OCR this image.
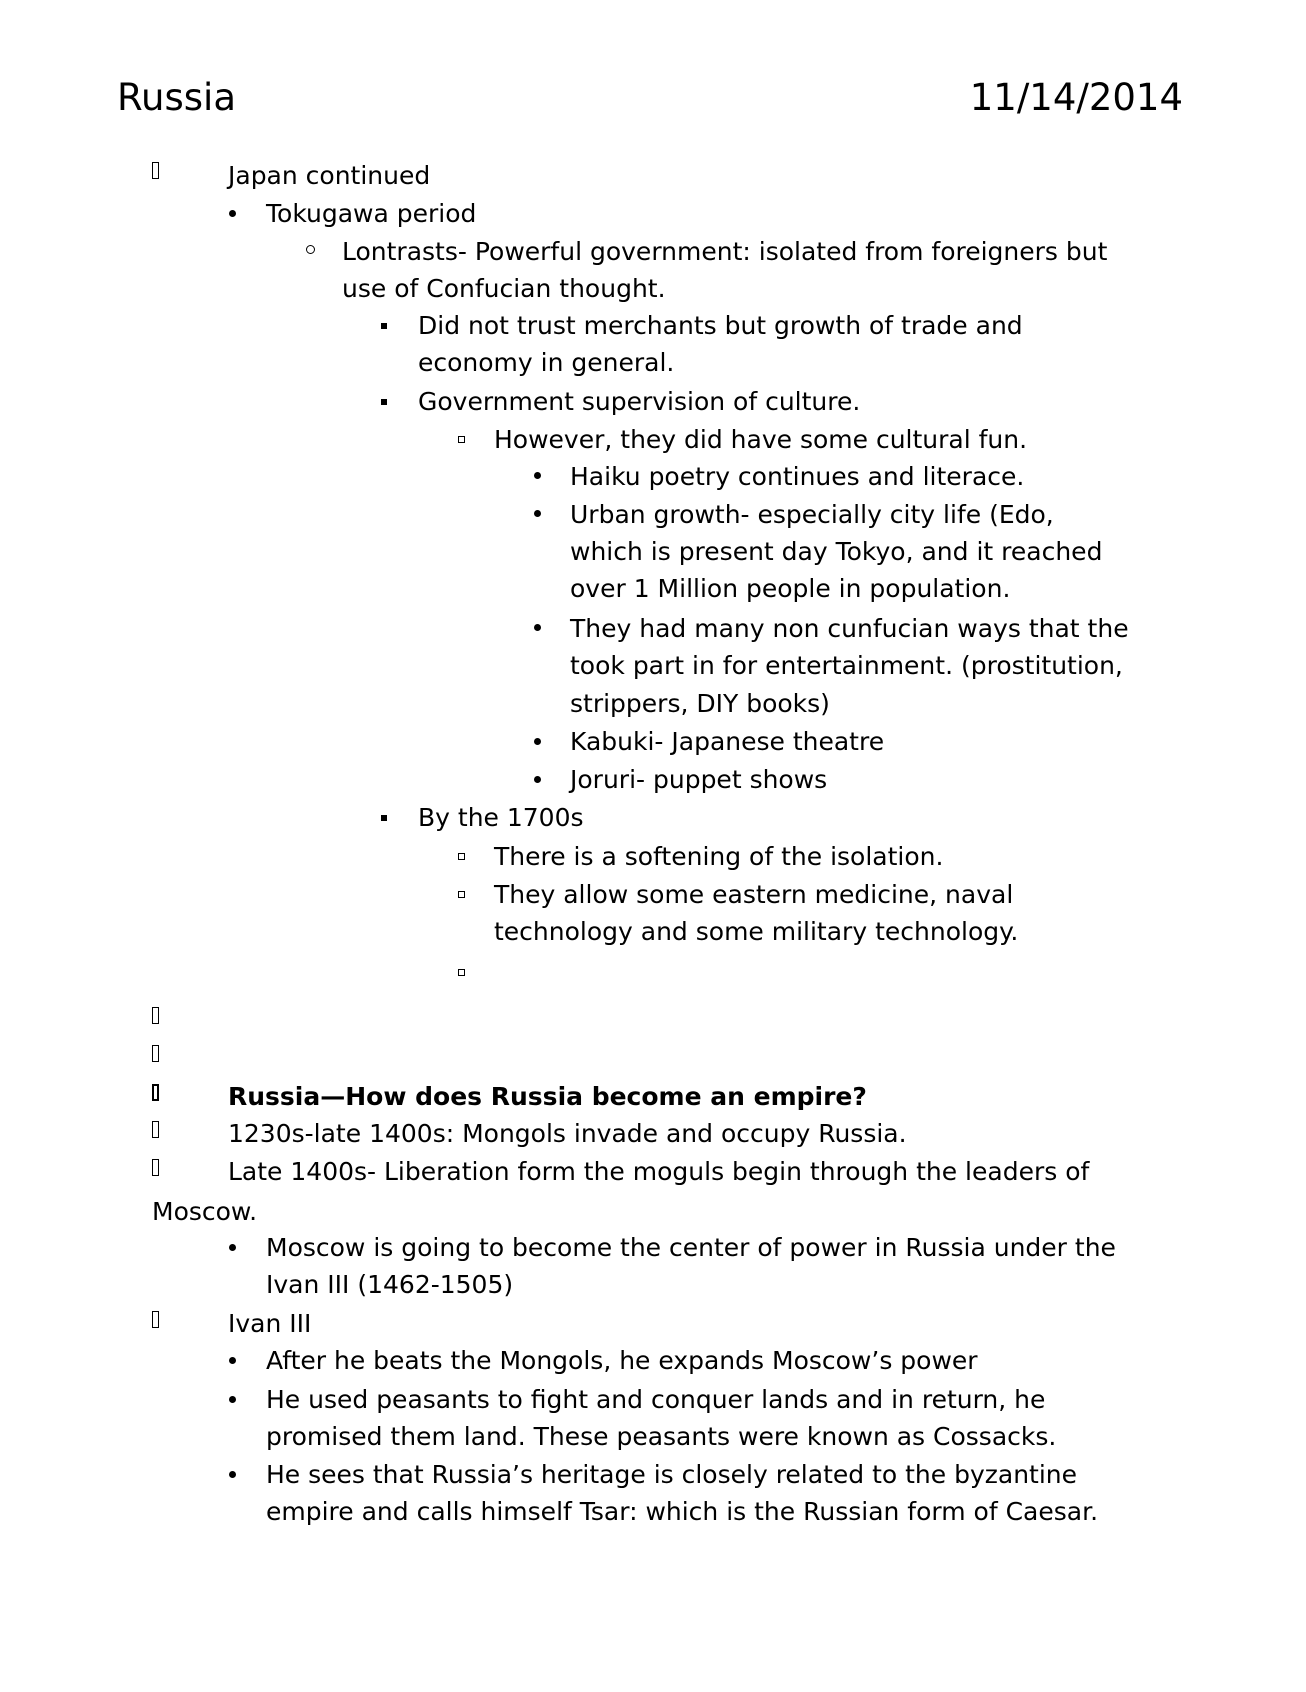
Russia	11/14/2014
Japan continued
Tokugawa period
Lontrasts- Powerful government: isolated from foreigners but
use of Confucian thought.
Did not trust merchants but growth of trade and
economy in general.
Government supervision of culture.
However, they did have some cultural fun.
Haiku poetry continues and literace.
Urban growth- especially city life (Edo,
which is present day Tokyo, and it reached
over 1 Million people in population.
They had many non cunfucian ways that the
took part in for entertainment. (prostitution,
strippers, DIY books)
Kabuki- Japanese theatre
Joruri- puppet shows
By the 1700s
There is a softening of the isolation.
They allow some eastern medicine, naval
technology and some military technology.
Russia—How does Russia become an empire?
1230s-late 1400s: Mongols invade and occupy Russia.
Late 1400s- Liberation form the moguls begin through the leaders of
Moscow.
Moscow is going to become the center of power in Russia under the
Ivan III (1462-1505)
Ivan III
After he beats the Mongols, he expands Moscow’s power
He used peasants to fight and conquer lands and in return, he
promised them land. These peasants were known as Cossacks.
He sees that Russia’s heritage is closely related to the byzantine
empire and calls himself Tsar: which is the Russian form of Caesar.
